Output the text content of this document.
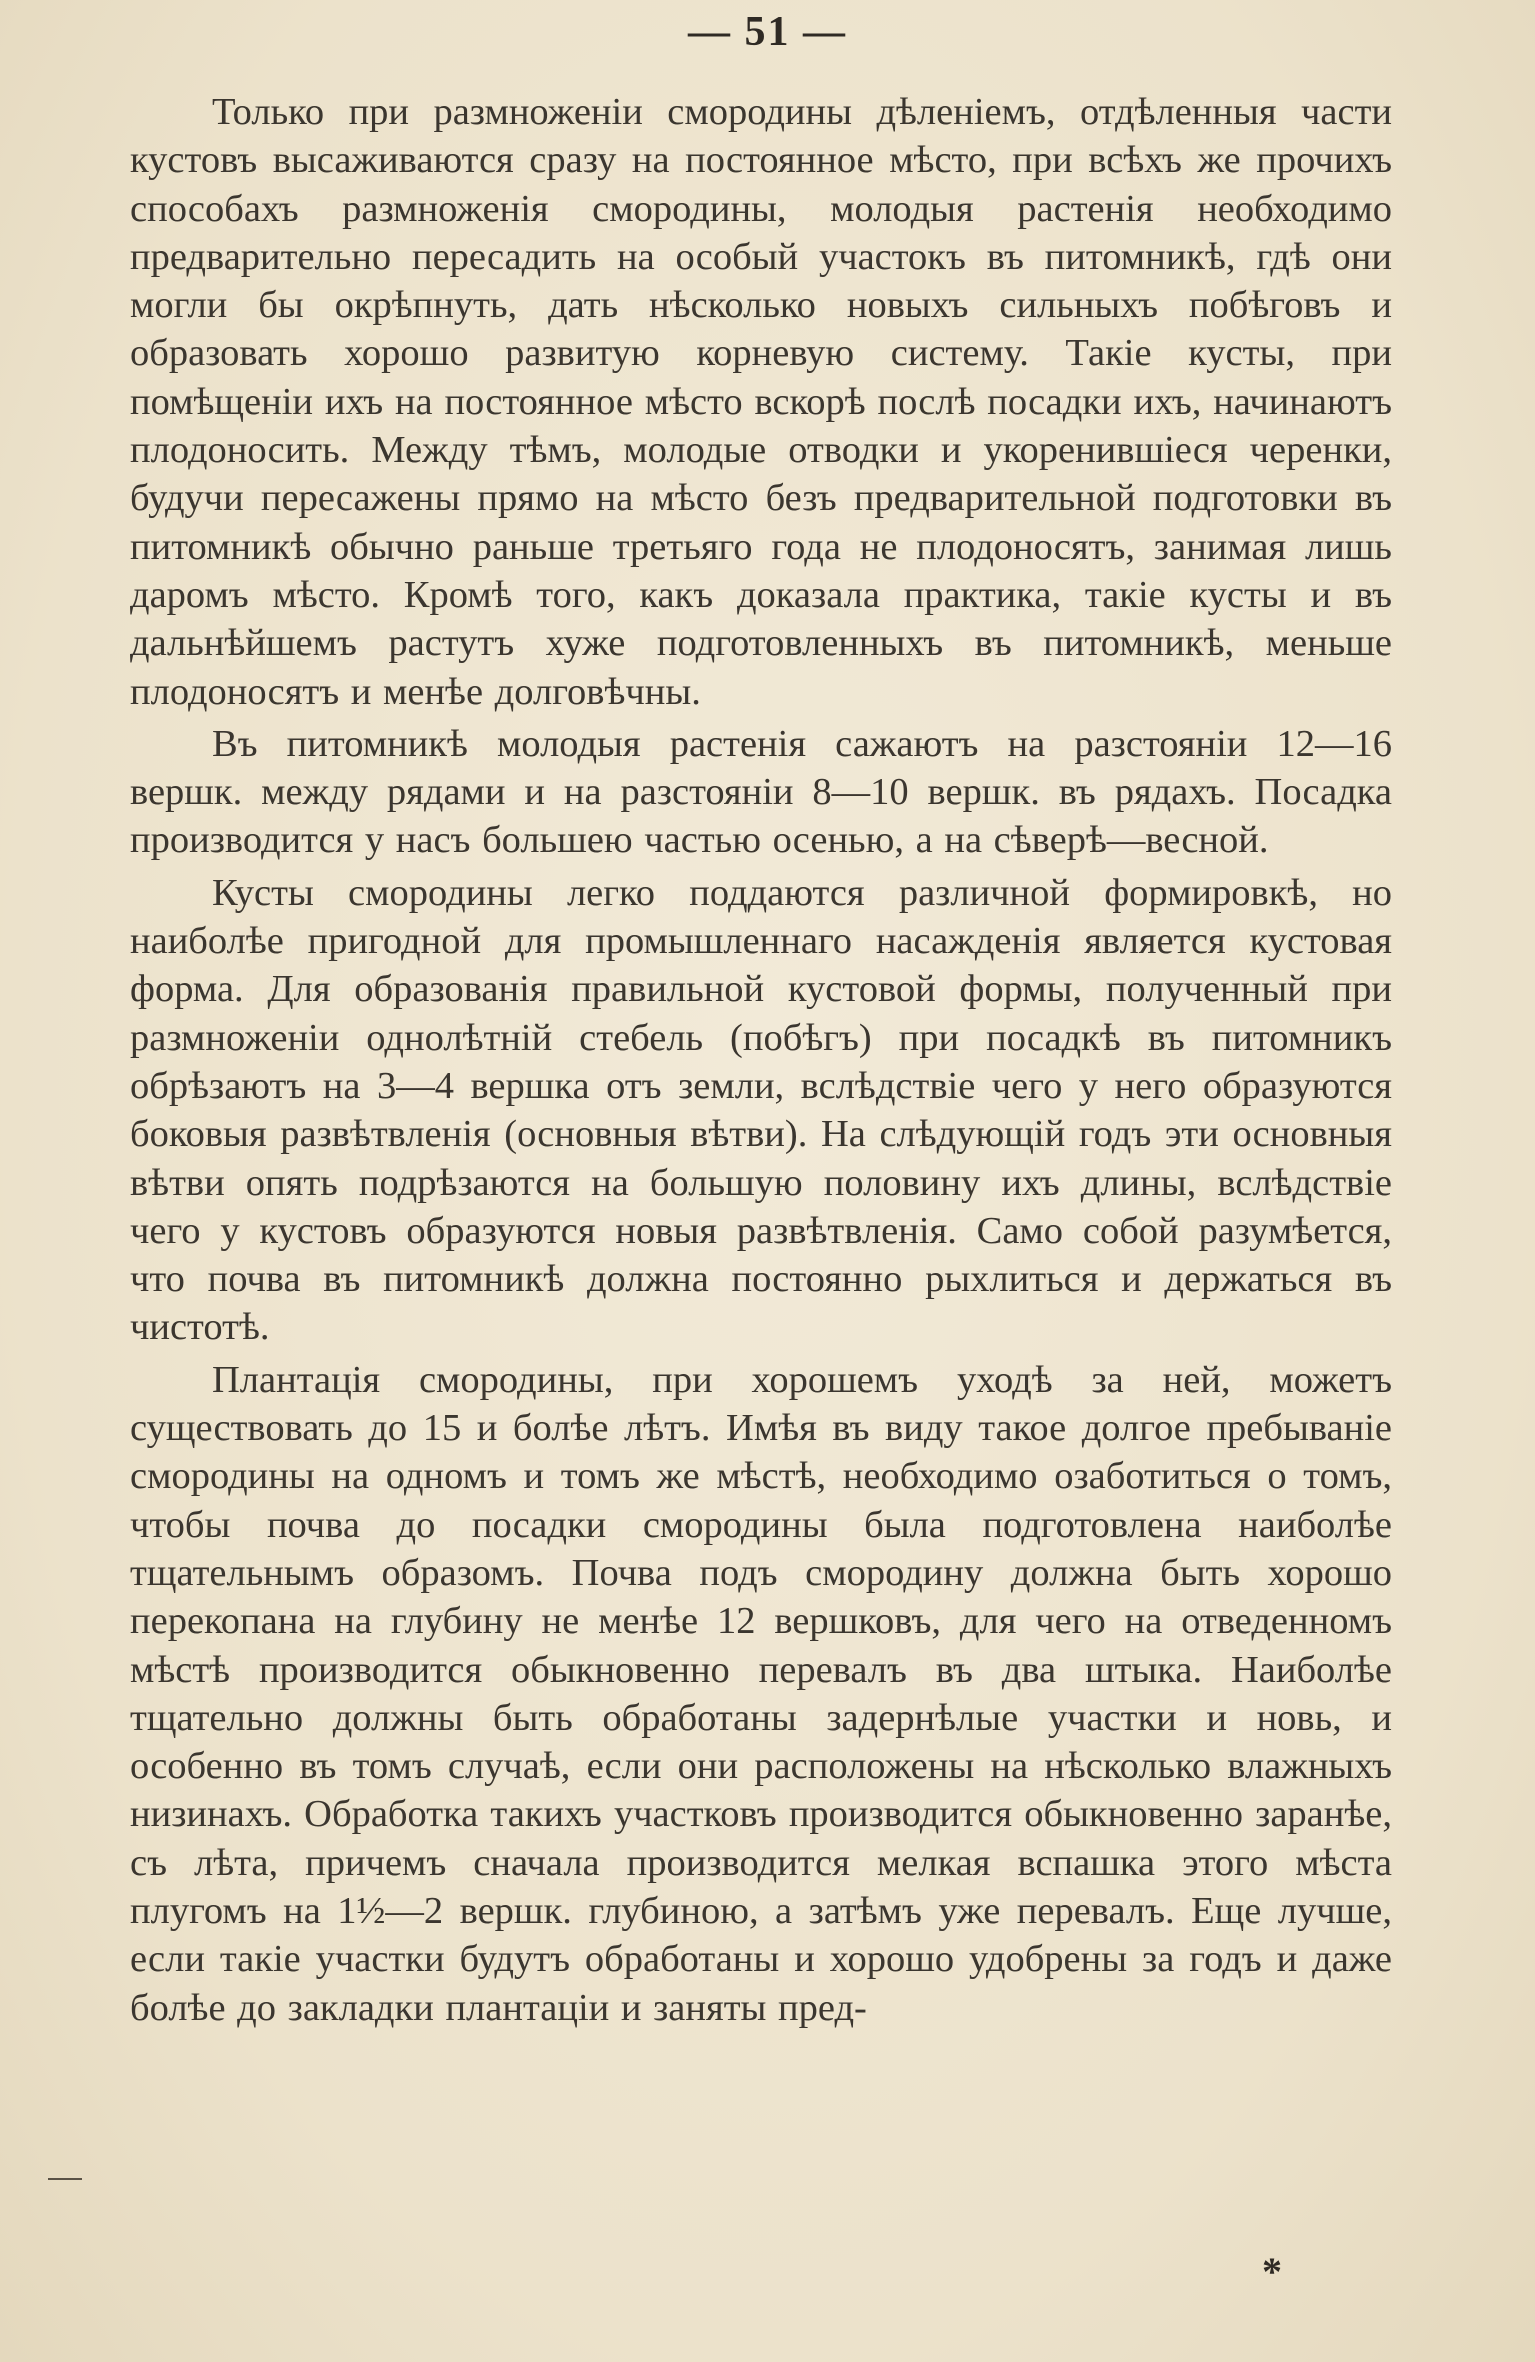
— 51 —

Только при размноженіи смородины дѣленіемъ, отдѣленныя части кустовъ высаживаются сразу на постоянное мѣсто, при всѣхъ же прочихъ способахъ размноженія смородины, молодыя растенія необходимо предварительно пересадить на особый участокъ въ питомникѣ, гдѣ они могли бы окрѣпнуть, дать нѣсколько новыхъ сильныхъ побѣговъ и образовать хорошо развитую корневую систему. Такіе кусты, при помѣщеніи ихъ на постоянное мѣсто вскорѣ послѣ посадки ихъ, начинаютъ плодоносить. Между тѣмъ, молодые отводки и укоренившіеся черенки, будучи пересажены прямо на мѣсто безъ предварительной подготовки въ питомникѣ обычно раньше третьяго года не плодоносятъ, занимая лишь даромъ мѣсто. Кромѣ того, какъ доказала практика, такіе кусты и въ дальнѣйшемъ растутъ хуже подготовленныхъ въ питомникѣ, меньше плодоносятъ и менѣе долговѣчны.

Въ питомникѣ молодыя растенія сажаютъ на разстояніи 12—16 вершк. между рядами и на разстояніи 8—10 вершк. въ рядахъ. Посадка производится у насъ большею частью осенью, а на сѣверѣ—весной.

Кусты смородины легко поддаются различной формировкѣ, но наиболѣе пригодной для промышленнаго насажденія является кустовая форма. Для образованія правильной кустовой формы, полученный при размноженіи однолѣтній стебель (побѣгъ) при посадкѣ въ питомникъ обрѣзаютъ на 3—4 вершка отъ земли, вслѣдствіе чего у него образуются боковыя развѣтвленія (основныя вѣтви). На слѣдующій годъ эти основныя вѣтви опять подрѣзаются на большую половину ихъ длины, вслѣдствіе чего у кустовъ образуются новыя развѣтвленія. Само собой разумѣется, что почва въ питомникѣ должна постоянно рыхлиться и держаться въ чистотѣ.

Плантація смородины, при хорошемъ уходѣ за ней, можетъ существовать до 15 и болѣе лѣтъ. Имѣя въ виду такое долгое пребываніе смородины на одномъ и томъ же мѣстѣ, необходимо озаботиться о томъ, чтобы почва до посадки смородины была подготовлена наиболѣе тщательнымъ образомъ. Почва подъ смородину должна быть хорошо перекопана на глубину не менѣе 12 вершковъ, для чего на отведенномъ мѣстѣ производится обыкновенно перевалъ въ два штыка. Наиболѣе тщательно должны быть обработаны задернѣлые участки и новь, и особенно въ томъ случаѣ, если они расположены на нѣсколько влажныхъ низинахъ. Обработка такихъ участковъ производится обыкновенно заранѣе, съ лѣта, причемъ сначала производится мелкая вспашка этого мѣста плугомъ на 1½—2 вершк. глубиною, а затѣмъ уже перевалъ. Еще лучше, если такіе участки будутъ обработаны и хорошо удобрены за годъ и даже болѣе до закладки плантаціи и заняты пред-

*
